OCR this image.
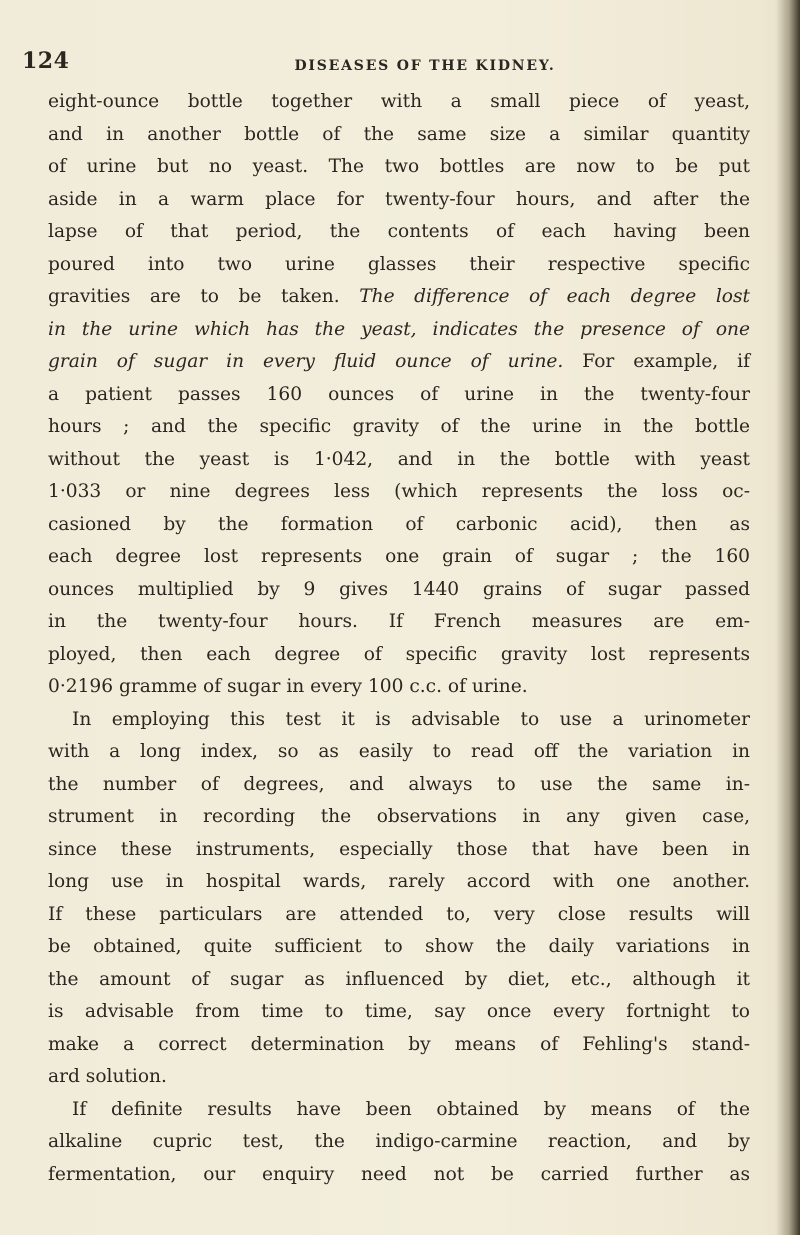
124	DISEASES OF THE KIDNEY.
eight-ounce bottle together with a small piece of yeast,
and in another bottle of the same size a similar quantity
of urine but no yeast. The two bottles are now to be put
aside in a warm place for twenty-four hours, and after the
lapse of that period, the contents of each having been
poured into two urine glasses their respective specific
gravities are to be taken. The difference of each degree lost
in the urine which has the yeast, indicates the presence of one
grain of sugar in every fluid ounce of urine. For example, if
a patient passes 160 ounces of urine in the twenty-four
hours ; and the specific gravity of the urine in the bottle
without the yeast is 1·042, and in the bottle with yeast
1·033 or nine degrees less (which represents the loss oc-
casioned by the formation of carbonic acid), then as
each degree lost represents one grain of sugar ; the 160
ounces multiplied by 9 gives 1440 grains of sugar passed
in the twenty-four hours. If French measures are em-
ployed, then each degree of specific gravity lost represents
0·2196 gramme of sugar in every 100 c.c. of urine.
In employing this test it is advisable to use a urinometer
with a long index, so as easily to read off the variation in
the number of degrees, and always to use the same in-
strument in recording the observations in any given case,
since these instruments, especially those that have been in
long use in hospital wards, rarely accord with one another.
If these particulars are attended to, very close results will
be obtained, quite sufficient to show the daily variations in
the amount of sugar as influenced by diet, etc., although it
is advisable from time to time, say once every fortnight to
make a correct determination by means of Fehling's stand-
ard solution.
If definite results have been obtained by means of the
alkaline cupric test, the indigo-carmine reaction, and by
fermentation, our enquiry need not be carried further as
